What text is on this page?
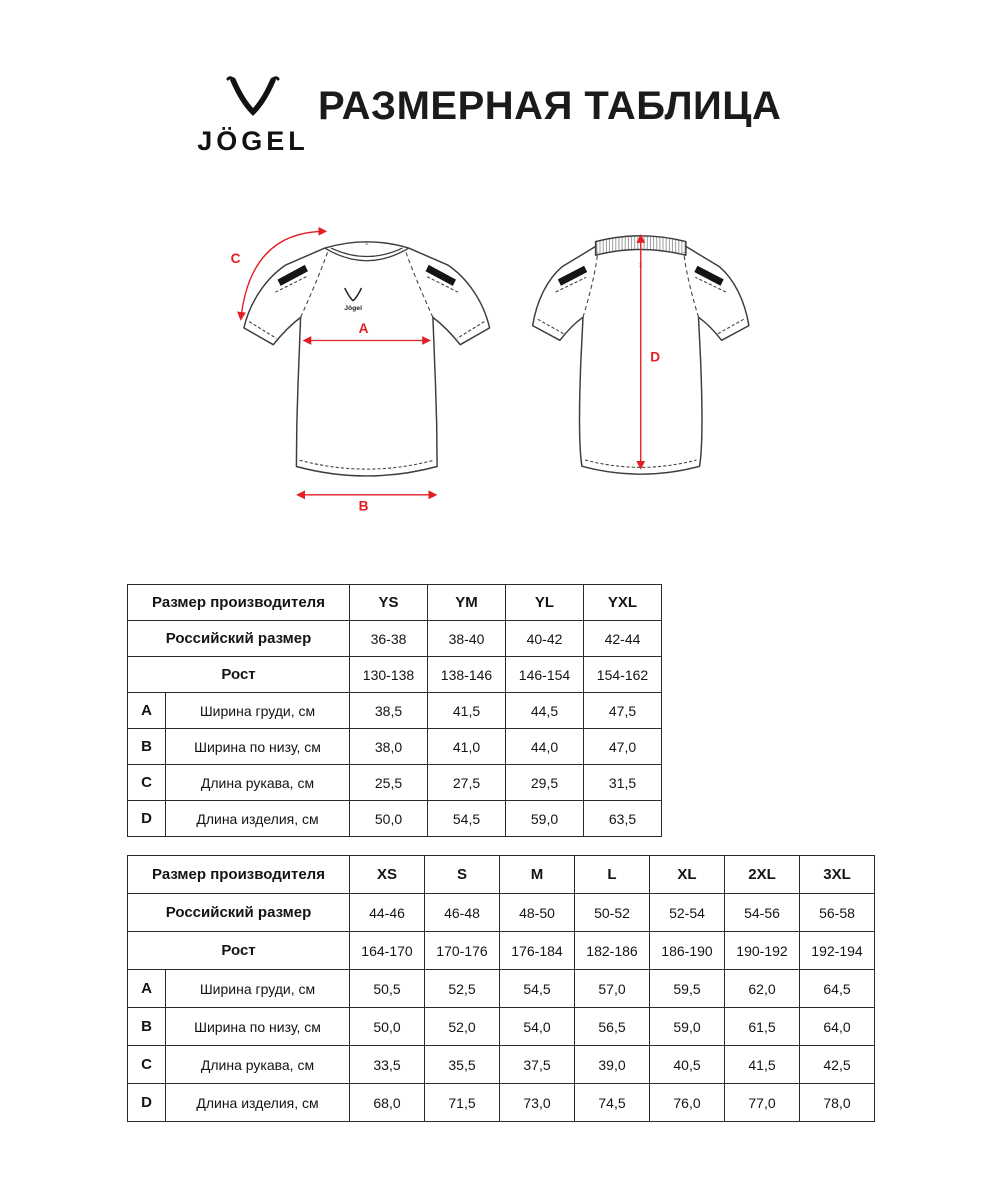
JÖGEL
РАЗМЕРНАЯ ТАБЛИЦА
Jögel
x
A
B
C	x
D
Размер производителя		YS	YM	YL	YXL
Российский размер		36-38	38-40	40-42	42-44
Рост		130-138	138-146	146-154	154-162
A	Ширина груди, см	38,5	41,5	44,5	47,5
B	Ширина по низу, см	38,0	41,0	44,0	47,0
C	Длина рукава, см	25,5	27,5	29,5	31,5
D	Длина изделия, см	50,0	54,5	59,0	63,5
Размер производителя		XS	S	M	L	XL	2XL	3XL
Российский размер		44-46	46-48	48-50	50-52	52-54	54-56	56-58
Рост		164-170	170-176	176-184	182-186	186-190	190-192	192-194
A	Ширина груди, см	50,5	52,5	54,5	57,0	59,5	62,0	64,5
B	Ширина по низу, см	50,0	52,0	54,0	56,5	59,0	61,5	64,0
C	Длина рукава, см	33,5	35,5	37,5	39,0	40,5	41,5	42,5
D	Длина изделия, см	68,0	71,5	73,0	74,5	76,0	77,0	78,0
